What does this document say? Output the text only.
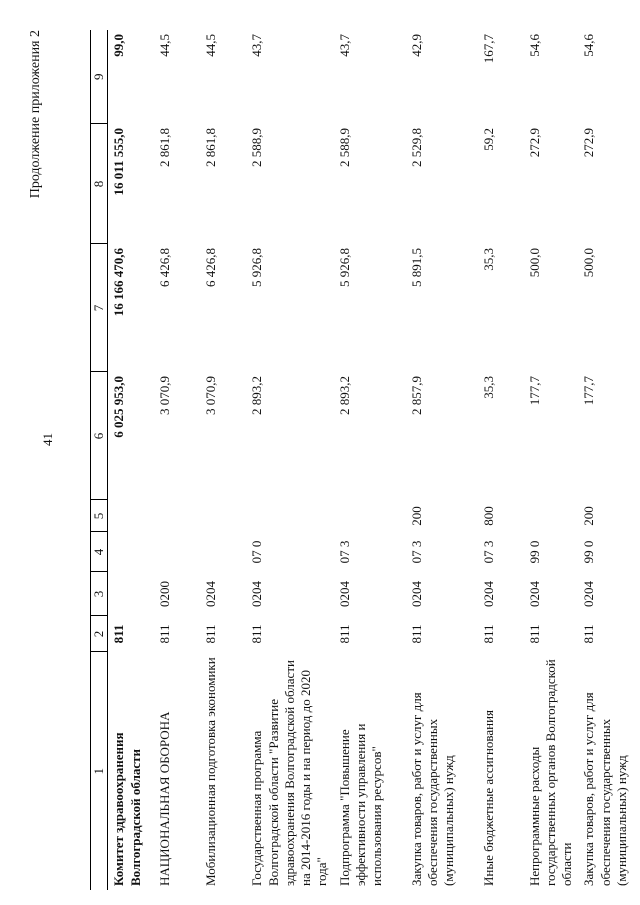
41
Продолжение приложения 2
1	2	3	4	5	6	7	8	9
Комитет здравоохранения Волгоградской области	811				6 025 953,0	16 166 470,6	16 011 555,0	99,0
НАЦИОНАЛЬНАЯ ОБОРОНА	811	0200			3 070,9	6 426,8	2 861,8	44,5
Мобилизационная подготовка экономики	811	0204			3 070,9	6 426,8	2 861,8	44,5
Государственная программа Волгоградской области "Развитие здравоохранения Волгоградской области на 2014-2016 годы и на период до 2020 года"	811	0204	07 0		2 893,2	5 926,8	2 588,9	43,7
Подпрограмма "Повышение эффективности управления и использования ресурсов"	811	0204	07 3		2 893,2	5 926,8	2 588,9	43,7
Закупка товаров, работ и услуг для обеспечения государственных (муниципальных) нужд	811	0204	07 3	200	2 857,9	5 891,5	2 529,8	42,9
Иные бюджетные ассигнования	811	0204	07 3	800	35,3	35,3	59,2	167,7
Непрограммные расходы государственных органов Волгоградской области	811	0204	99 0		177,7	500,0	272,9	54,6
Закупка товаров, работ и услуг для обеспечения государственных (муниципальных) нужд	811	0204	99 0	200	177,7	500,0	272,9	54,6
